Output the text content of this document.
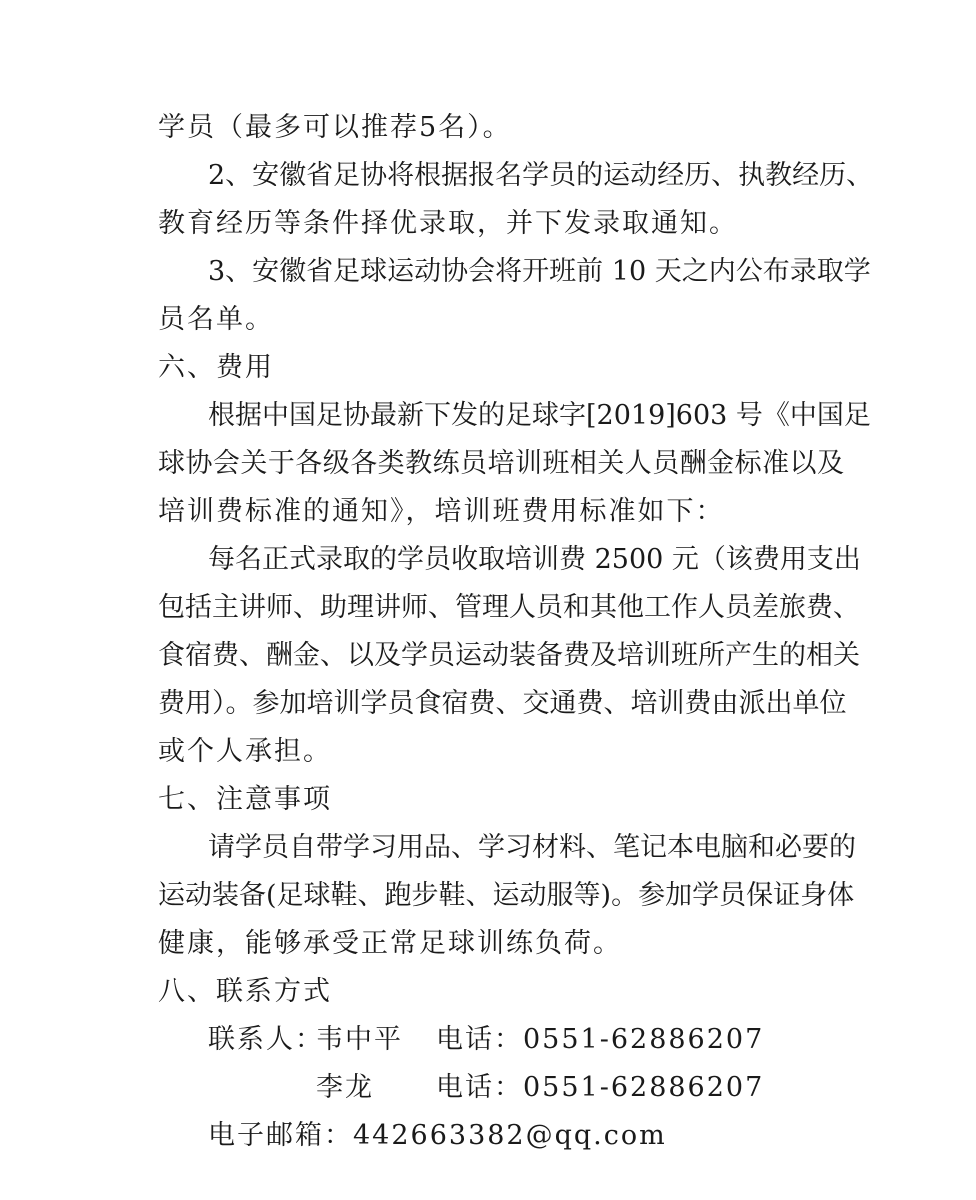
学员（最多可以推荐5名）。
2、安徽省足协将根据报名学员的运动经历、执教经历、
教育经历等条件择优录取，并下发录取通知。
3、安徽省足球运动协会将开班前 10 天之内公布录取学
员名单。
六、费用
根据中国足协最新下发的足球字[2019]603 号《中国足
球协会关于各级各类教练员培训班相关人员酬金标准以及
培训费标准的通知》，培训班费用标准如下：
每名正式录取的学员收取培训费 2500 元（该费用支出
包括主讲师、助理讲师、管理人员和其他工作人员差旅费、
食宿费、酬金、以及学员运动装备费及培训班所产生的相关
费用）。参加培训学员食宿费、交通费、培训费由派出单位
或个人承担。
七、注意事项
请学员自带学习用品、学习材料、笔记本电脑和必要的
运动装备(足球鞋、跑步鞋、运动服等)。参加学员保证身体
健康，能够承受正常足球训练负荷。
八、联系方式
联系人：
韦中平 电话：0551-62886207
李龙 电话：0551-62886207
电子邮箱：442663382@qq.com
